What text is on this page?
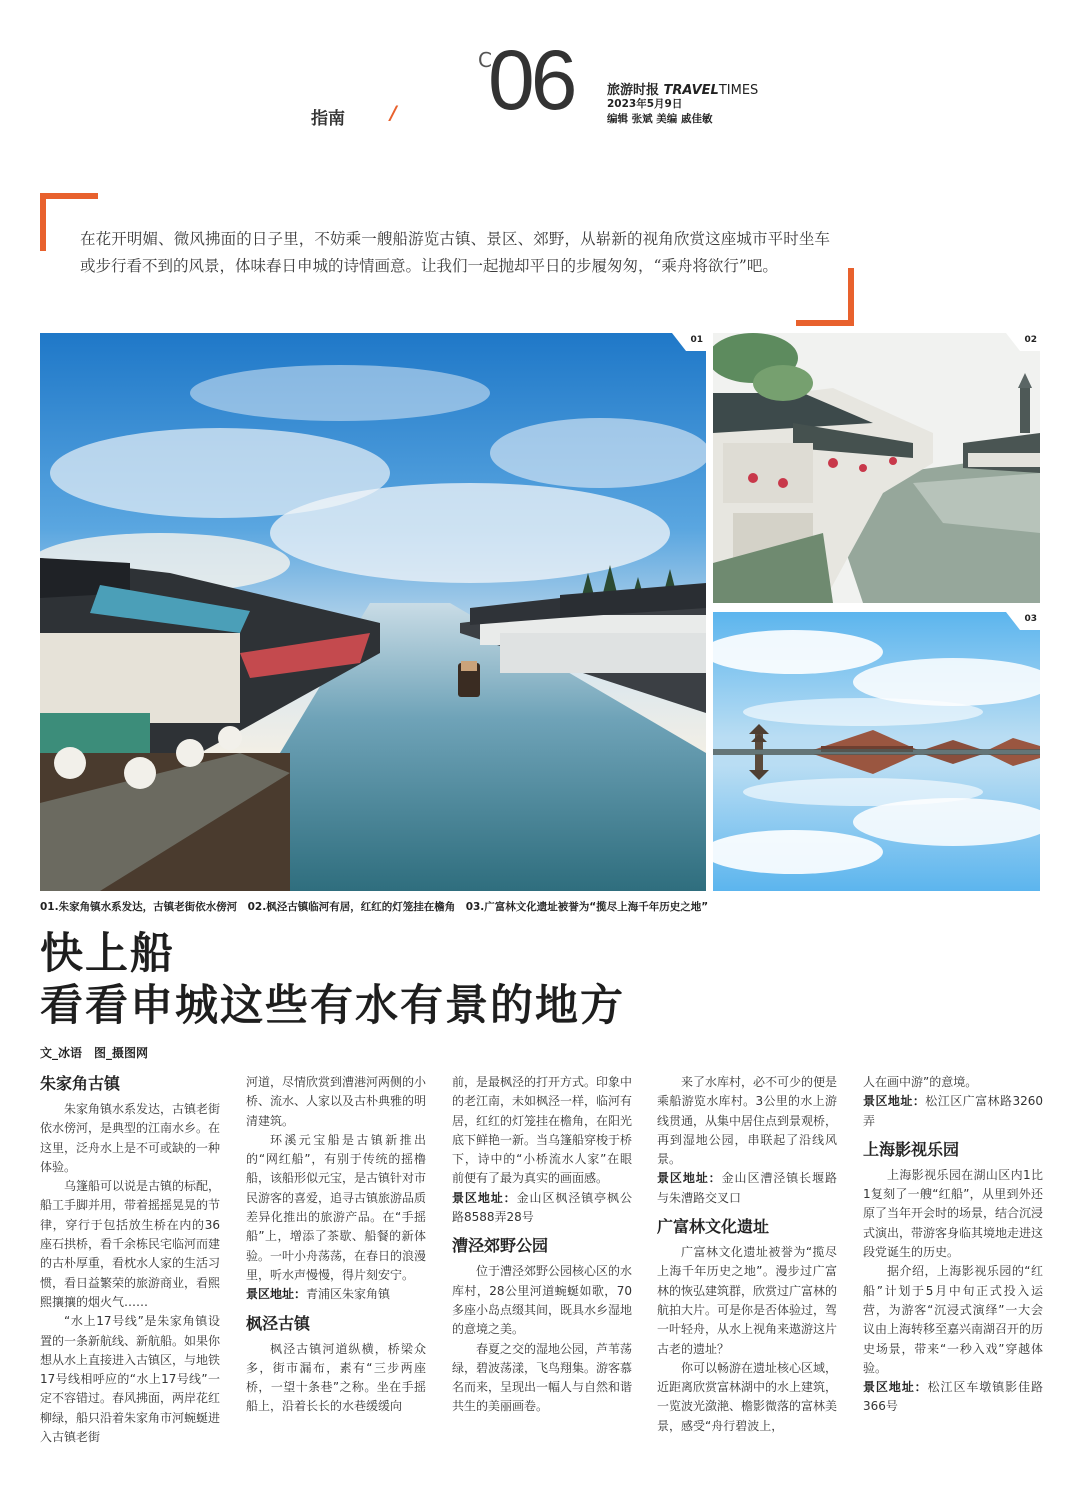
C
06	旅游时报 TRAVELTIMES
2023年5月9日
编辑 张斌 美编 戚佳敏
指南 /
在花开明媚、微风拂面的日子里，不妨乘一艘船游览古镇、景区、郊野，从崭新的视角欣赏这座城市平时坐车或步行看不到的风景，体味春日申城的诗情画意。让我们一起抛却平日的步履匆匆，“乘舟将欲行”吧。
01	02
03
01.朱家角镇水系发达，古镇老街依水傍河　02.枫泾古镇临河有居，红红的灯笼挂在檐角　03.广富林文化遗址被誉为“揽尽上海千年历史之地”
快上船
看看申城这些有水有景的地方
文_冰语　图_摄图网
朱家角古镇

朱家角镇水系发达，古镇老街依水傍河，是典型的江南水乡。在这里，泛舟水上是不可或缺的一种体验。

乌篷船可以说是古镇的标配，船工手脚并用，带着摇摇晃晃的节律，穿行于包括放生桥在内的36座石拱桥，看千余栋民宅临河而建的古朴厚重，看枕水人家的生活习惯，看日益繁荣的旅游商业，看熙熙攘攘的烟火气……

“水上17号线”是朱家角镇设置的一条新航线、新航船。如果你想从水上直接进入古镇区，与地铁17号线相呼应的“水上17号线”一定不容错过。春风拂面，两岸花红柳绿，船只沿着朱家角市河蜿蜒进入古镇老街

河道，尽情欣赏到漕港河两侧的小桥、流水、人家以及古朴典雅的明清建筑。

环溪元宝船是古镇新推出的“网红船”，有别于传统的摇橹船，该船形似元宝，是古镇针对市民游客的喜爱，追寻古镇旅游品质差异化推出的旅游产品。在“手摇船”上，增添了茶歇、船餐的新体验。一叶小舟荡荡，在春日的浪漫里，听水声慢慢，得片刻安宁。

景区地址：青浦区朱家角镇

枫泾古镇

枫泾古镇河道纵横，桥梁众多，街市漏布，素有“三步两座桥，一望十条巷”之称。坐在手摇船上，沿着长长的水巷缓缓向

前，是最枫泾的打开方式。印象中的老江南，未如枫泾一样，临河有居，红红的灯笼挂在檐角，在阳光底下鲜艳一新。当乌篷船穿梭于桥下，诗中的“小桥流水人家”在眼前便有了最为真实的画面感。

景区地址：金山区枫泾镇亭枫公路8588弄28号

漕泾郊野公园

位于漕泾郊野公园核心区的水库村，28公里河道蜿蜒如歌，70多座小岛点缀其间，既具水乡湿地的意境之美。

春夏之交的湿地公园，芦苇荡绿，碧波荡漾，飞鸟翔集。游客慕名而来，呈现出一幅人与自然和谐共生的美丽画卷。

来了水库村，必不可少的便是乘船游览水库村。3公里的水上游线贯通，从集中居住点到景观桥，再到湿地公园，串联起了沿线风景。

景区地址：金山区漕泾镇长堰路与朱漕路交叉口

广富林文化遗址

广富林文化遗址被誉为“揽尽上海千年历史之地”。漫步过广富林的恢弘建筑群，欣赏过广富林的航拍大片。可是你是否体验过，驾一叶轻舟，从水上视角来遨游这片古老的遗址？

你可以畅游在遗址核心区域，近距离欣赏富林湖中的水上建筑，一览波光潋滟、檐影微落的富林美景，感受“舟行碧波上，

人在画中游”的意境。

景区地址：松江区广富林路3260弄

上海影视乐园

上海影视乐园在湖山区内1比1复刻了一艘“红船”，从里到外还原了当年开会时的场景，结合沉浸式演出，带游客身临其境地走进这段党诞生的历史。

据介绍，上海影视乐园的“红船”计划于5月中旬正式投入运营，为游客“沉浸式演绎”一大会议由上海转移至嘉兴南湖召开的历史场景，带来“一秒入戏”穿越体验。

景区地址：松江区车墩镇影佳路366号
